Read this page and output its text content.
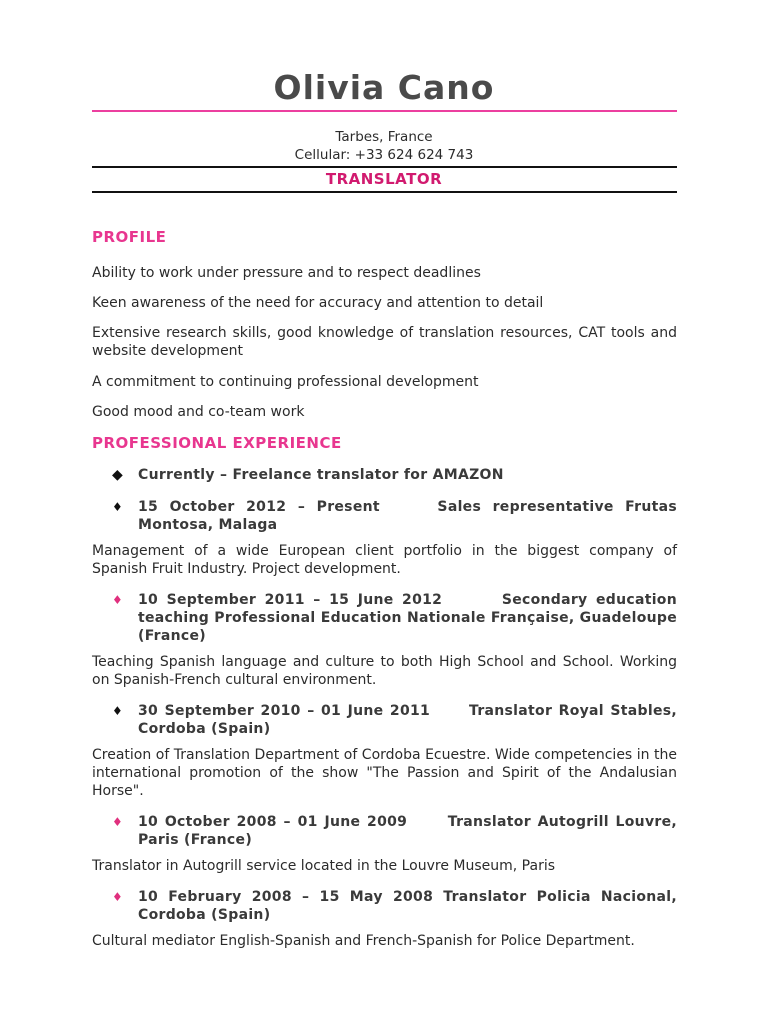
Olivia Cano
Tarbes, France
Cellular: +33 624 624 743
TRANSLATOR
PROFILE
Ability to work under pressure and to respect deadlines
Keen awareness of the need for accuracy and attention to detail
Extensive research skills, good knowledge of translation resources, CAT tools and website development
A commitment to continuing professional development
Good mood and co-team work
PROFESSIONAL EXPERIENCE
◆ Currently – Freelance translator for AMAZON
♦ 15 October 2012 – Present     Sales representative Frutas Montosa, Malaga
Management of a wide European client portfolio in the biggest company of Spanish Fruit Industry. Project development.
♦ 10 September 2011 – 15 June 2012       Secondary education teaching Professional Education Nationale Française, Guadeloupe (France)
Teaching Spanish language and culture to both High School and School. Working on Spanish-French cultural environment.
♦ 30 September 2010 – 01 June 2011      Translator Royal Stables, Cordoba (Spain)
Creation of Translation Department of Cordoba Ecuestre. Wide competencies in the international promotion of the show "The Passion and Spirit of the Andalusian Horse".
♦ 10 October 2008 – 01 June 2009      Translator Autogrill Louvre, Paris (France)
Translator in Autogrill service located in the Louvre Museum, Paris
♦ 10 February 2008 – 15 May 2008 Translator Policia Nacional, Cordoba (Spain)
Cultural mediator English-Spanish and French-Spanish for Police Department.
